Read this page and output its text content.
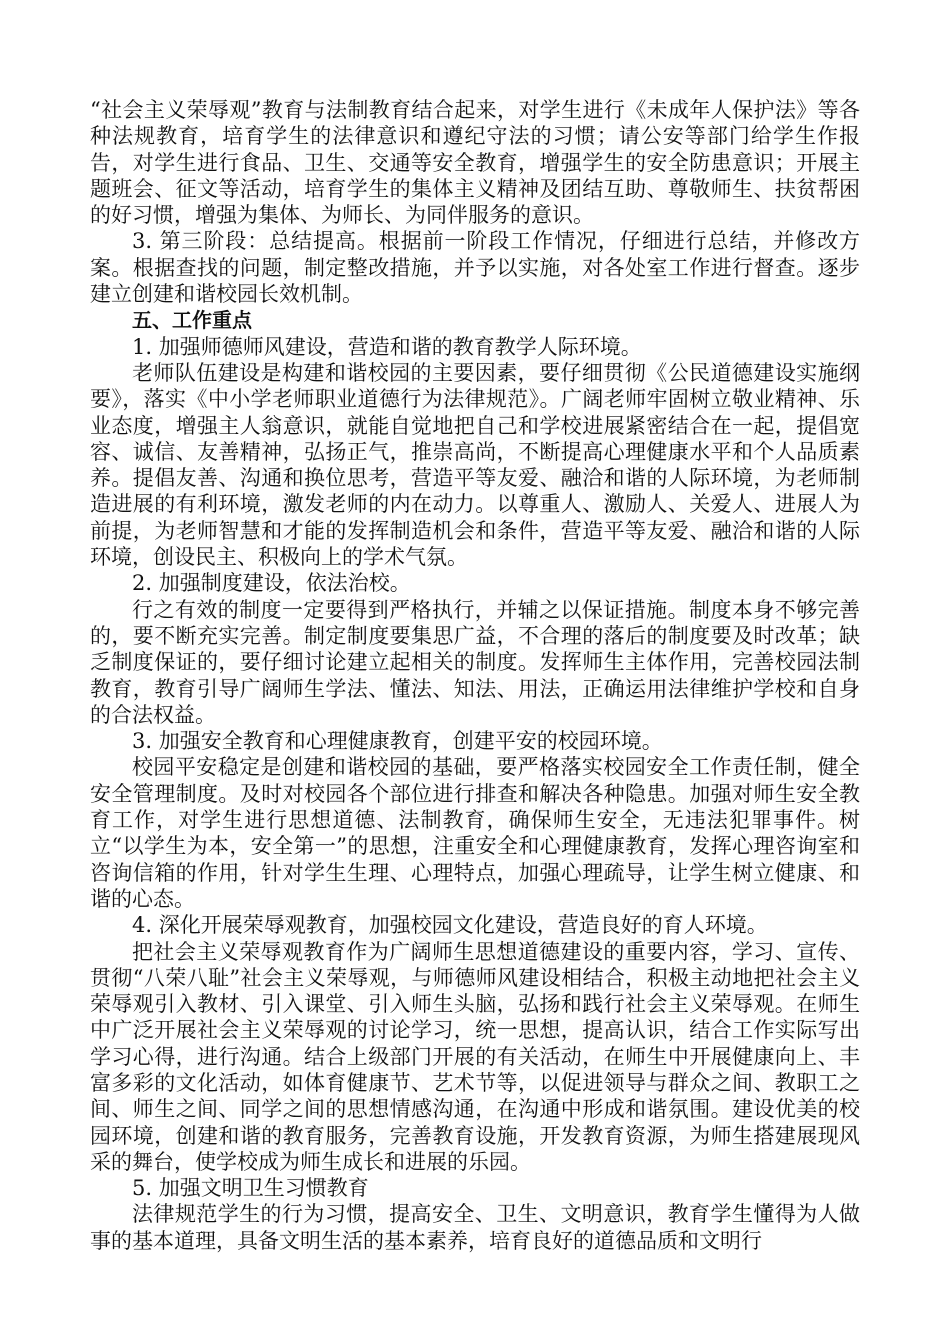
“社会主义荣辱观”教育与法制教育结合起来，对学生进行《未成年人保护法》等各种法规教育，培育学生的法律意识和遵纪守法的习惯；请公安等部门给学生作报告，对学生进行食品、卫生、交通等安全教育，增强学生的安全防患意识；开展主题班会、征文等活动，培育学生的集体主义精神及团结互助、尊敬师生、扶贫帮困的好习惯，增强为集体、为师长、为同伴服务的意识。

3. 第三阶段：总结提高。根据前一阶段工作情况，仔细进行总结，并修改方案。根据查找的问题，制定整改措施，并予以实施，对各处室工作进行督查。逐步建立创建和谐校园长效机制。

五、工作重点

1. 加强师德师风建设，营造和谐的教育教学人际环境。

老师队伍建设是构建和谐校园的主要因素，要仔细贯彻《公民道德建设实施纲要》，落实《中小学老师职业道德行为法律规范》。广阔老师牢固树立敬业精神、乐业态度，增强主人翁意识，就能自觉地把自己和学校进展紧密结合在一起，提倡宽容、诚信、友善精神，弘扬正气，推崇高尚，不断提高心理健康水平和个人品质素养。提倡友善、沟通和换位思考，营造平等友爱、融洽和谐的人际环境，为老师制造进展的有利环境，激发老师的内在动力。以尊重人、激励人、关爱人、进展人为前提，为老师智慧和才能的发挥制造机会和条件，营造平等友爱、融洽和谐的人际环境，创设民主、积极向上的学术气氛。

2. 加强制度建设，依法治校。

行之有效的制度一定要得到严格执行，并辅之以保证措施。制度本身不够完善的，要不断充实完善。制定制度要集思广益，不合理的落后的制度要及时改革；缺乏制度保证的，要仔细讨论建立起相关的制度。发挥师生主体作用，完善校园法制教育，教育引导广阔师生学法、懂法、知法、用法，正确运用法律维护学校和自身的合法权益。

3. 加强安全教育和心理健康教育，创建平安的校园环境。

校园平安稳定是创建和谐校园的基础，要严格落实校园安全工作责任制，健全安全管理制度。及时对校园各个部位进行排查和解决各种隐患。加强对师生安全教育工作，对学生进行思想道德、法制教育，确保师生安全，无违法犯罪事件。树立“以学生为本，安全第一”的思想，注重安全和心理健康教育，发挥心理咨询室和咨询信箱的作用，针对学生生理、心理特点，加强心理疏导，让学生树立健康、和谐的心态。

4. 深化开展荣辱观教育，加强校园文化建设，营造良好的育人环境。

把社会主义荣辱观教育作为广阔师生思想道德建设的重要内容，学习、宣传、贯彻“八荣八耻”社会主义荣辱观，与师德师风建设相结合，积极主动地把社会主义荣辱观引入教材、引入课堂、引入师生头脑，弘扬和践行社会主义荣辱观。在师生中广泛开展社会主义荣辱观的讨论学习，统一思想，提高认识，结合工作实际写出学习心得，进行沟通。结合上级部门开展的有关活动，在师生中开展健康向上、丰富多彩的文化活动，如体育健康节、艺术节等，以促进领导与群众之间、教职工之间、师生之间、同学之间的思想情感沟通，在沟通中形成和谐氛围。建设优美的校园环境，创建和谐的教育服务，完善教育设施，开发教育资源，为师生搭建展现风采的舞台，使学校成为师生成长和进展的乐园。

5. 加强文明卫生习惯教育

法律规范学生的行为习惯，提高安全、卫生、文明意识，教育学生懂得为人做事的基本道理，具备文明生活的基本素养，培育良好的道德品质和文明行
